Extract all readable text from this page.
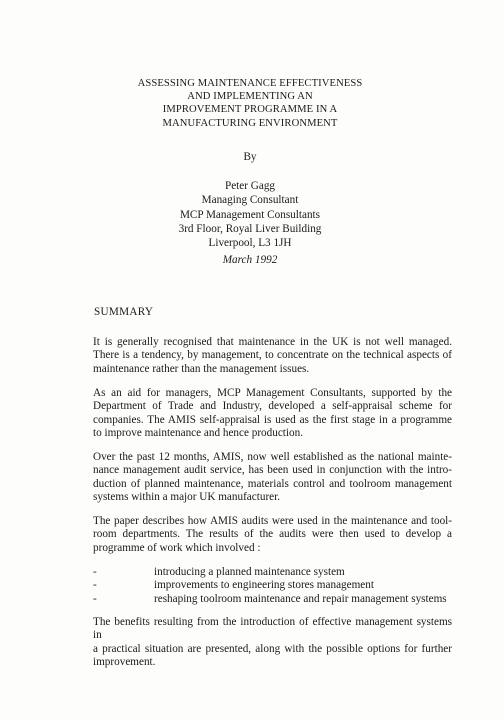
ASSESSING MAINTENANCE EFFECTIVENESS
AND IMPLEMENTING AN
IMPROVEMENT PROGRAMME IN A
MANUFACTURING ENVIRONMENT
By
Peter Gagg
Managing Consultant
MCP Management Consultants
3rd Floor, Royal Liver Building
Liverpool, L3 1JH
March 1992
SUMMARY
It is generally recognised that maintenance in the UK is not well managed.
There is a tendency, by management, to concentrate on the technical aspects of
maintenance rather than the management issues.
As an aid for managers, MCP Management Consultants, supported by the
Department of Trade and Industry, developed a self-appraisal scheme for
companies. The AMIS self-appraisal is used as the first stage in a programme
to improve maintenance and hence production.
Over the past 12 months, AMIS, now well established as the national mainte-
nance management audit service, has been used in conjunction with the intro-
duction of planned maintenance, materials control and toolroom management
systems within a major UK manufacturer.
The paper describes how AMIS audits were used in the maintenance and tool-
room departments. The results of the audits were then used to develop a
programme of work which involved :
-	introducing a planned maintenance system
-	improvements to engineering stores management
-	reshaping toolroom maintenance and repair management systems
The benefits resulting from the introduction of effective management systems in
a practical situation are presented, along with the possible options for further
improvement.
